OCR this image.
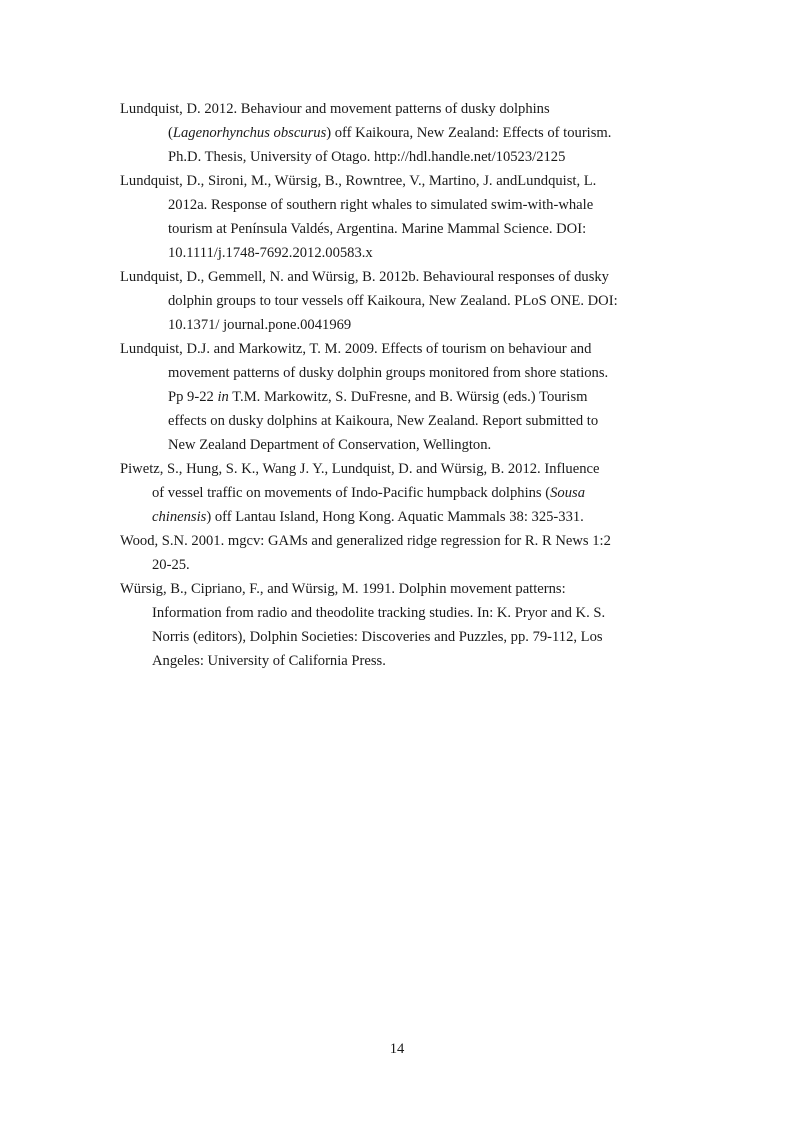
Lundquist, D. 2012. Behaviour and movement patterns of dusky dolphins
(Lagenorhynchus obscurus) off Kaikoura, New Zealand: Effects of tourism.
Ph.D. Thesis, University of Otago. http://hdl.handle.net/10523/2125

Lundquist, D., Sironi, M., Würsig, B., Rowntree, V., Martino, J. andLundquist, L.
2012a. Response of southern right whales to simulated swim-with-whale
tourism at Península Valdés, Argentina. Marine Mammal Science. DOI:
10.1111/j.1748-7692.2012.00583.x

Lundquist, D., Gemmell, N. and Würsig, B. 2012b. Behavioural responses of dusky
dolphin groups to tour vessels off Kaikoura, New Zealand. PLoS ONE. DOI:
10.1371/ journal.pone.0041969

Lundquist, D.J. and Markowitz, T. M. 2009. Effects of tourism on behaviour and
movement patterns of dusky dolphin groups monitored from shore stations.
Pp 9-22 in T.M. Markowitz, S. DuFresne, and B. Würsig (eds.) Tourism
effects on dusky dolphins at Kaikoura, New Zealand. Report submitted to
New Zealand Department of Conservation, Wellington.

Piwetz, S., Hung, S. K., Wang J. Y., Lundquist, D. and Würsig, B. 2012. Influence
of vessel traffic on movements of Indo-Pacific humpback dolphins (Sousa
chinensis) off Lantau Island, Hong Kong. Aquatic Mammals 38: 325-331.

Wood, S.N. 2001. mgcv: GAMs and generalized ridge regression for R. R News 1:2
20-25.

Würsig, B., Cipriano, F., and Würsig, M. 1991. Dolphin movement patterns:
Information from radio and theodolite tracking studies. In: K. Pryor and K. S.
Norris (editors), Dolphin Societies: Discoveries and Puzzles, pp. 79-112, Los
Angeles: University of California Press.

14
